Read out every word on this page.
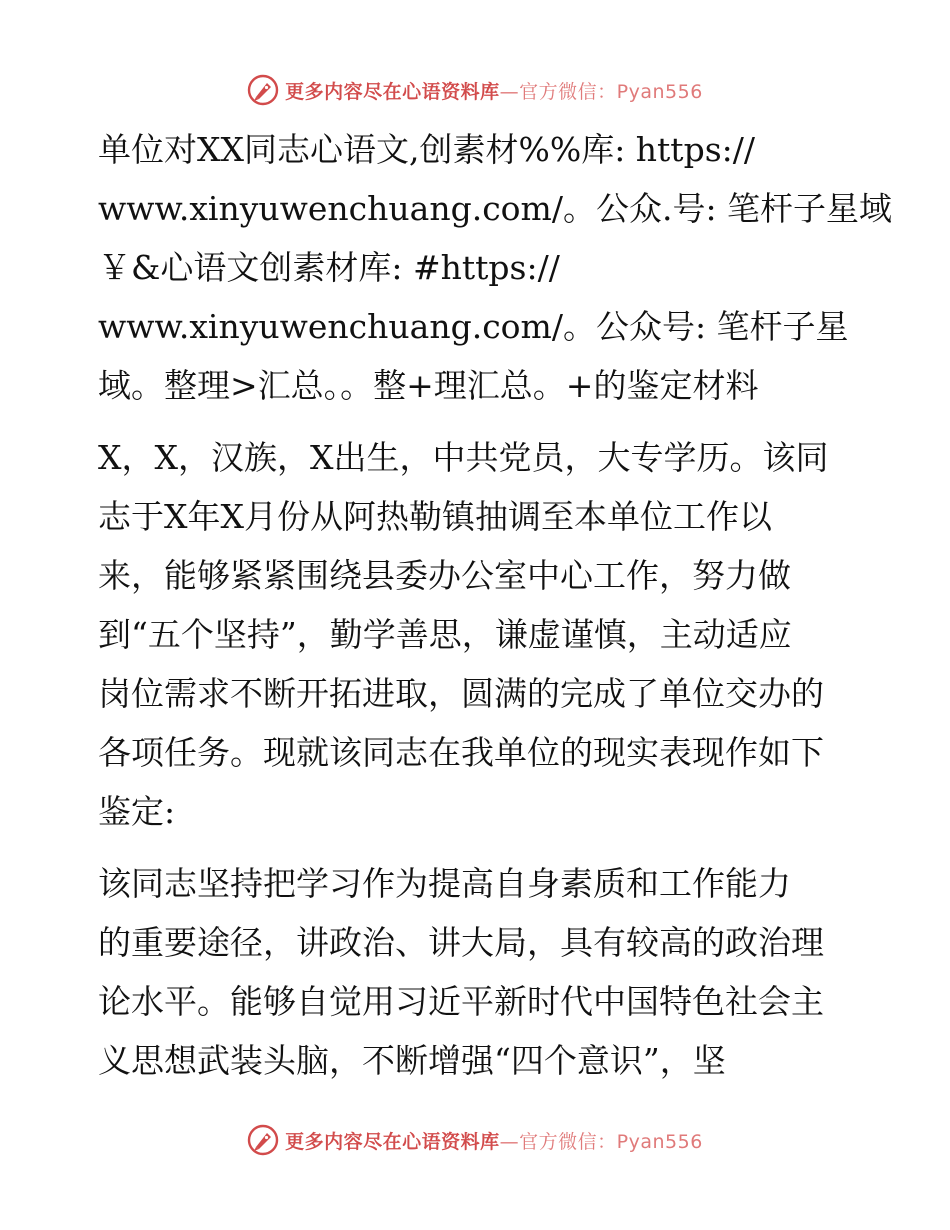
更多内容尽在心语资料库—官方微信：Pyan556

单位对XX同志心语文,创素材%%库: https://
www.xinyuwenchuang.com/。公众.号: 笔杆子星域
￥&心语文创素材库: #https://
www.xinyuwenchuang.com/。公众号: 笔杆子星
域。整理>汇总。。整+理汇总。+的鉴定材料

X，X，汉族，X出生，中共党员，大专学历。该同
志于X年X月份从阿热勒镇抽调至本单位工作以
来，能够紧紧围绕县委办公室中心工作，努力做
到“五个坚持”，勤学善思，谦虚谨慎，主动适应
岗位需求不断开拓进取，圆满的完成了单位交办的
各项任务。现就该同志在我单位的现实表现作如下
鉴定:

该同志坚持把学习作为提高自身素质和工作能力
的重要途径，讲政治、讲大局，具有较高的政治理
论水平。能够自觉用习近平新时代中国特色社会主
义思想武装头脑，不断增强“四个意识”，坚

更多内容尽在心语资料库—官方微信：Pyan556
